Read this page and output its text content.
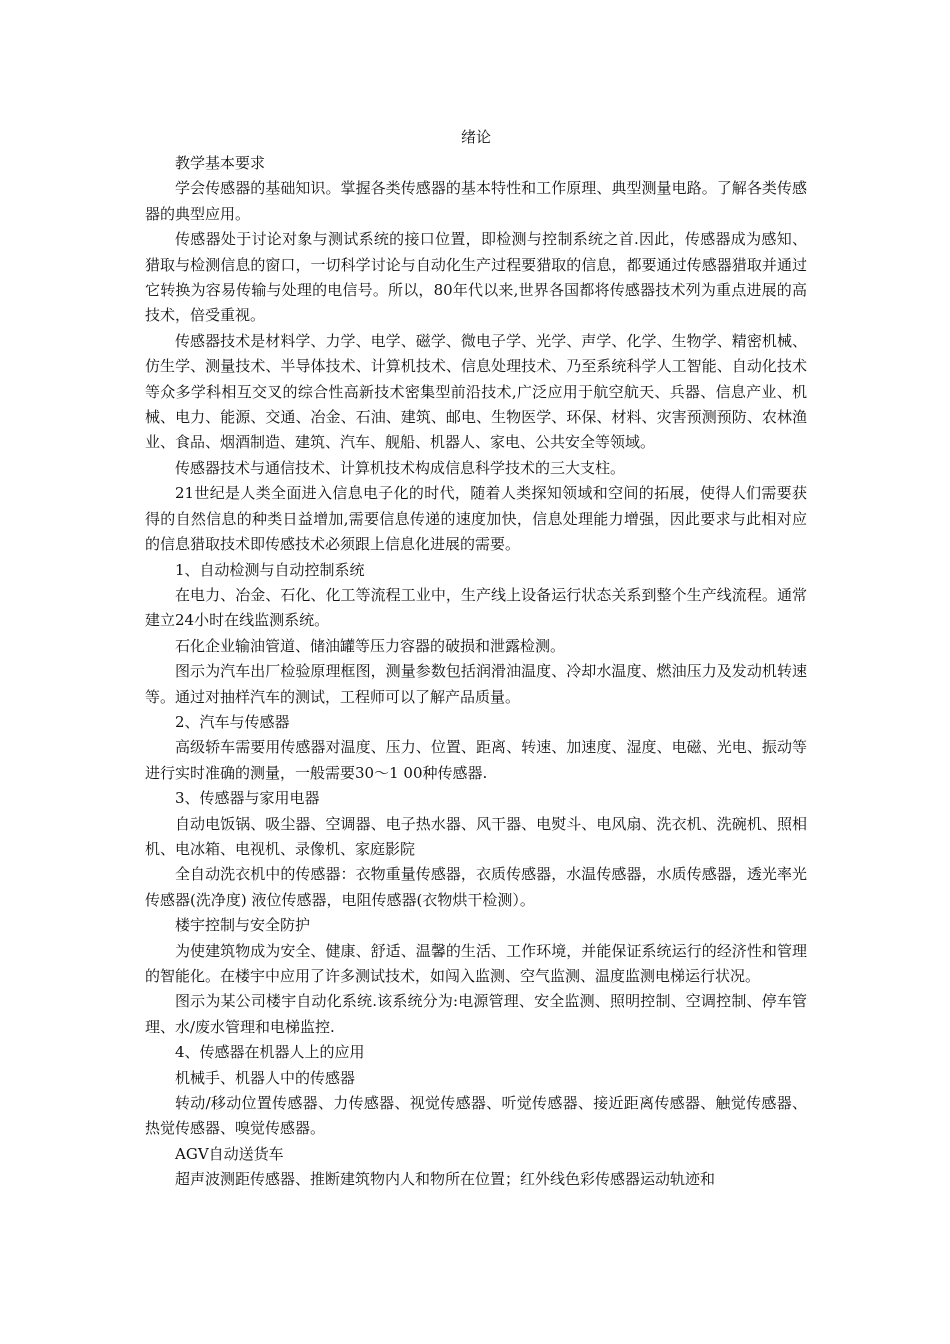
绪论

教学基本要求

学会传感器的基础知识。掌握各类传感器的基本特性和工作原理、典型测量电路。了解各类传感器的典型应用。

传感器处于讨论对象与测试系统的接口位置，即检测与控制系统之首.因此，传感器成为感知、猎取与检测信息的窗口，一切科学讨论与自动化生产过程要猎取的信息，都要通过传感器猎取并通过它转换为容易传输与处理的电信号。所以，80年代以来,世界各国都将传感器技术列为重点进展的高技术，倍受重视。

传感器技术是材料学、力学、电学、磁学、微电子学、光学、声学、化学、生物学、精密机械、仿生学、测量技术、半导体技术、计算机技术、信息处理技术、乃至系统科学人工智能、自动化技术等众多学科相互交叉的综合性高新技术密集型前沿技术,广泛应用于航空航天、兵器、信息产业、机械、电力、能源、交通、冶金、石油、建筑、邮电、生物医学、环保、材料、灾害预测预防、农林渔业、食品、烟酒制造、建筑、汽车、舰船、机器人、家电、公共安全等领域。

传感器技术与通信技术、计算机技术构成信息科学技术的三大支柱。

21世纪是人类全面进入信息电子化的时代，随着人类探知领域和空间的拓展，使得人们需要获得的自然信息的种类日益增加,需要信息传递的速度加快，信息处理能力增强，因此要求与此相对应的信息猎取技术即传感技术必须跟上信息化进展的需要。

1、自动检测与自动控制系统

在电力、冶金、石化、化工等流程工业中，生产线上设备运行状态关系到整个生产线流程。通常建立24小时在线监测系统。

石化企业输油管道、储油罐等压力容器的破损和泄露检测。

图示为汽车出厂检验原理框图，测量参数包括润滑油温度、冷却水温度、燃油压力及发动机转速等。通过对抽样汽车的测试，工程师可以了解产品质量。

2、汽车与传感器

高级轿车需要用传感器对温度、压力、位置、距离、转速、加速度、湿度、电磁、光电、振动等进行实时准确的测量，一般需要30～1 00种传感器.

3、传感器与家用电器

自动电饭锅、吸尘器、空调器、电子热水器、风干器、电熨斗、电风扇、洗衣机、洗碗机、照相机、电冰箱、电视机、录像机、家庭影院

全自动洗衣机中的传感器：衣物重量传感器，衣质传感器，水温传感器，水质传感器，透光率光传感器(洗净度) 液位传感器，电阻传感器(衣物烘干检测）。

楼宇控制与安全防护

为使建筑物成为安全、健康、舒适、温馨的生活、工作环境，并能保证系统运行的经济性和管理的智能化。在楼宇中应用了许多测试技术，如闯入监测、空气监测、温度监测电梯运行状况。

图示为某公司楼宇自动化系统.该系统分为:电源管理、安全监测、照明控制、空调控制、停车管理、水/废水管理和电梯监控.

4、传感器在机器人上的应用

机械手、机器人中的传感器

转动/移动位置传感器、力传感器、视觉传感器、听觉传感器、接近距离传感器、触觉传感器、热觉传感器、嗅觉传感器。

AGV自动送货车

超声波测距传感器、推断建筑物内人和物所在位置；红外线色彩传感器运动轨迹和
